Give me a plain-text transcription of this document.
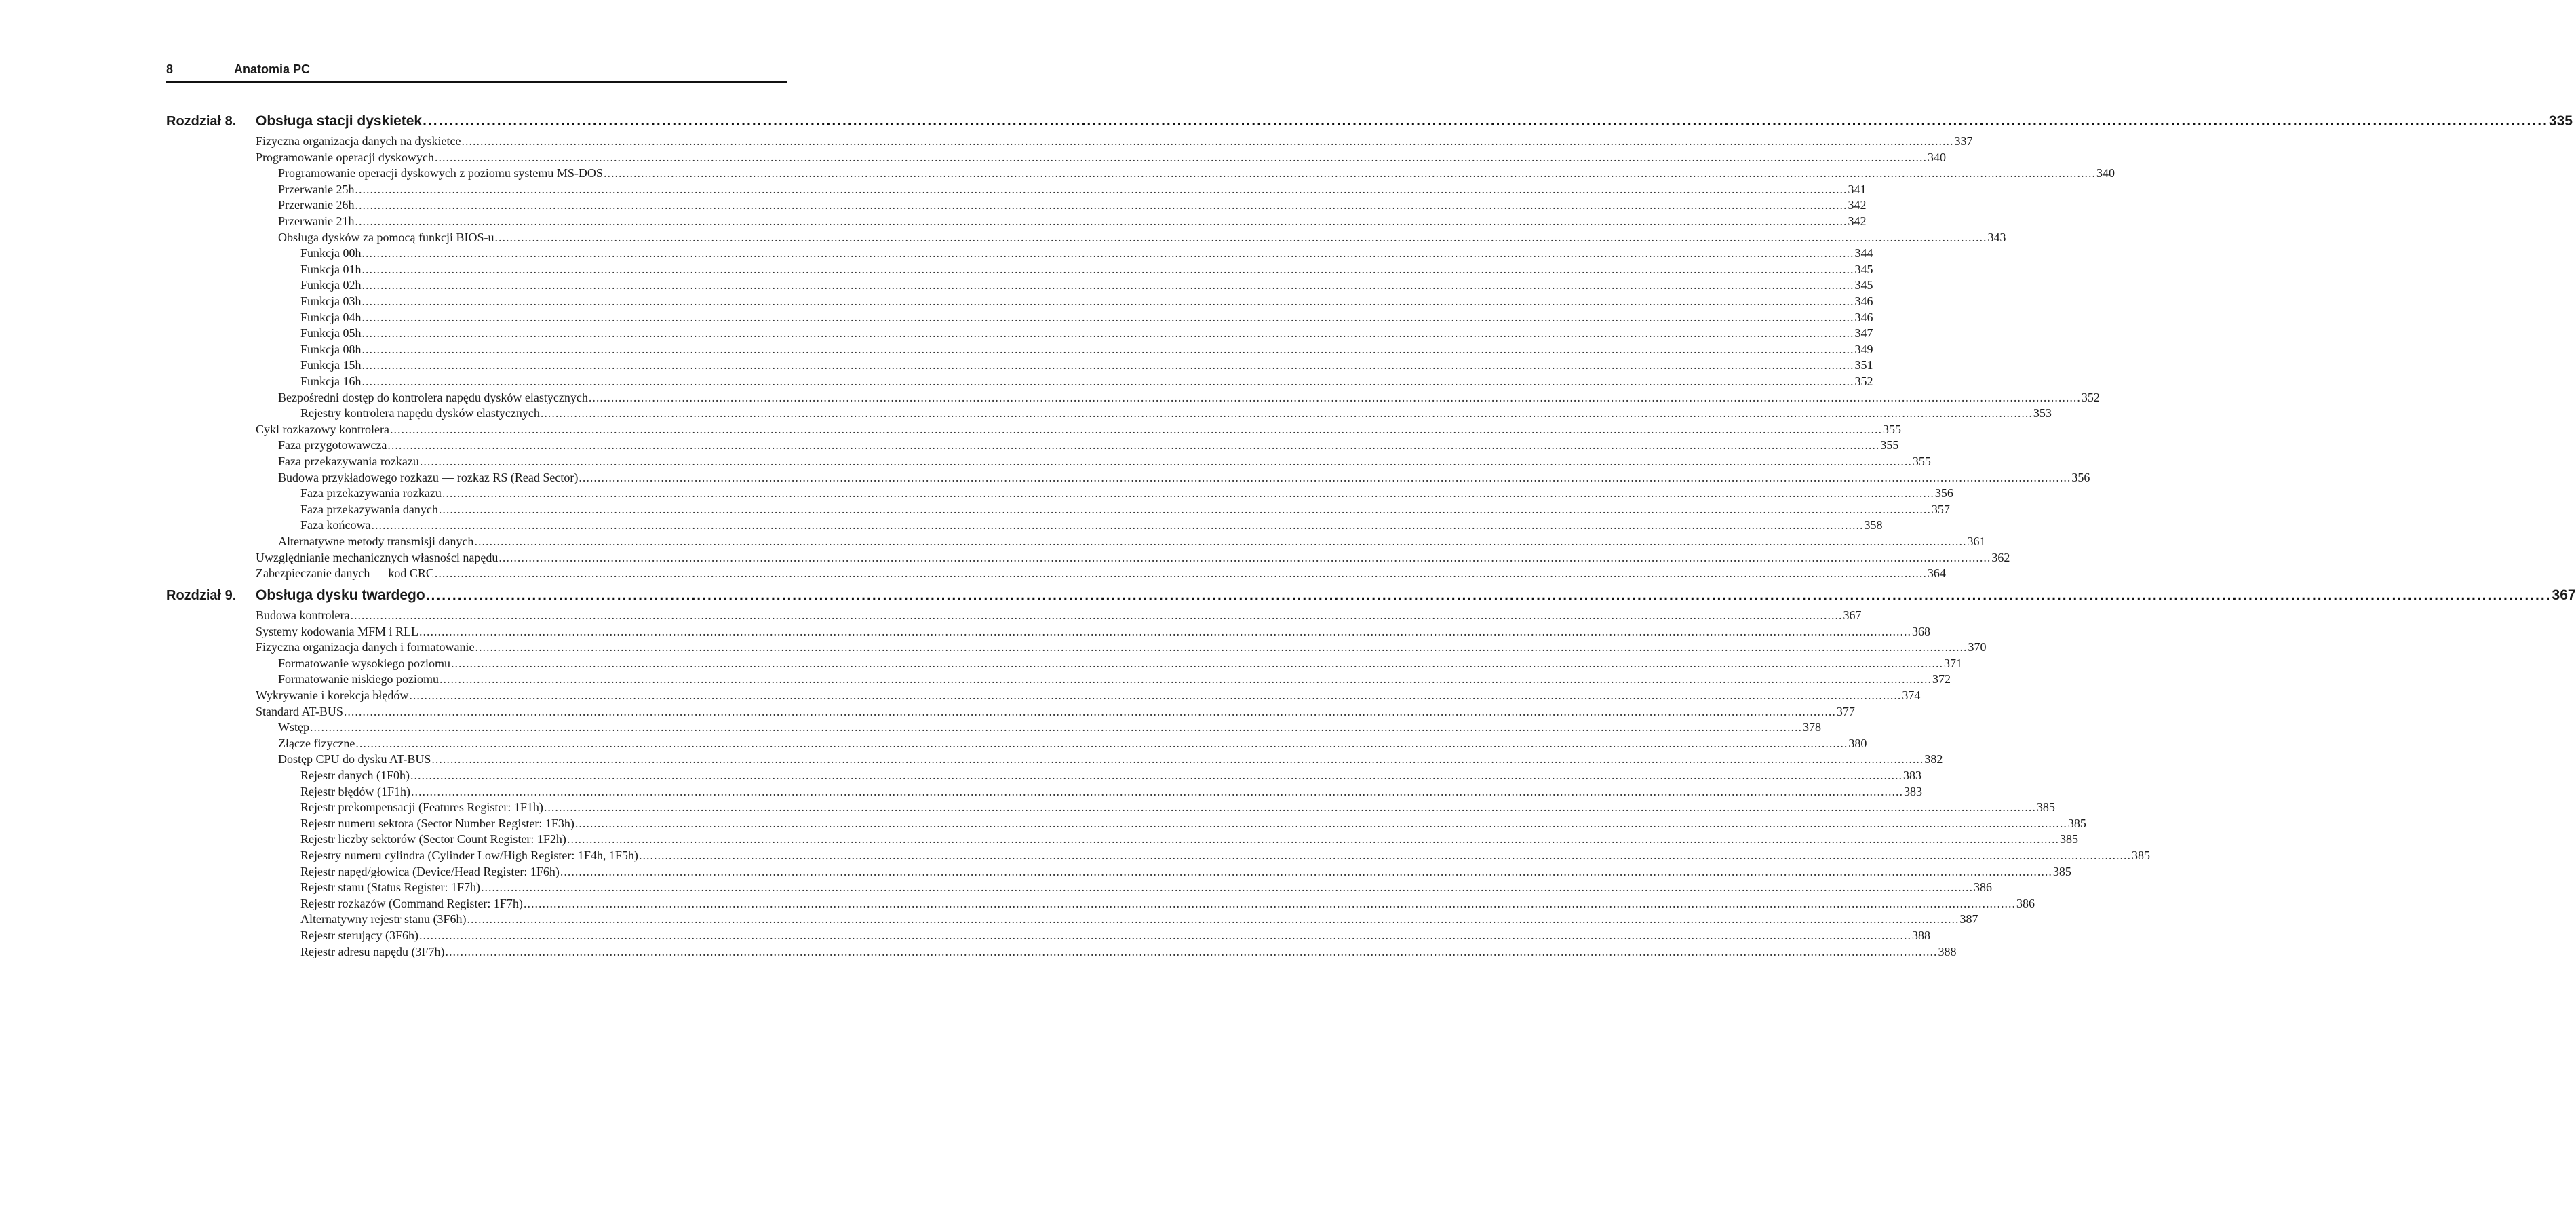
8	Anatomia PC
Rozdział 8. Obsługa stacji dyskietek ................................................................................................................................................................................................................................................................................................................................................................................................................ 335
Fizyczna organizacja danych na dyskietce ................................................................................................................................................................................................................................................................................................................................................................................................................ 337
Programowanie operacji dyskowych ................................................................................................................................................................................................................................................................................................................................................................................................................ 340
Programowanie operacji dyskowych z poziomu systemu MS-DOS ................................................................................................................................................................................................................................................................................................................................................................................................................ 340
Przerwanie 25h ................................................................................................................................................................................................................................................................................................................................................................................................................ 341
Przerwanie 26h ................................................................................................................................................................................................................................................................................................................................................................................................................ 342
Przerwanie 21h ................................................................................................................................................................................................................................................................................................................................................................................................................ 342
Obsługa dysków za pomocą funkcji BIOS-u ................................................................................................................................................................................................................................................................................................................................................................................................................ 343
Funkcja 00h ................................................................................................................................................................................................................................................................................................................................................................................................................ 344
Funkcja 01h ................................................................................................................................................................................................................................................................................................................................................................................................................ 345
Funkcja 02h ................................................................................................................................................................................................................................................................................................................................................................................................................ 345
Funkcja 03h ................................................................................................................................................................................................................................................................................................................................................................................................................ 346
Funkcja 04h ................................................................................................................................................................................................................................................................................................................................................................................................................ 346
Funkcja 05h ................................................................................................................................................................................................................................................................................................................................................................................................................ 347
Funkcja 08h ................................................................................................................................................................................................................................................................................................................................................................................................................ 349
Funkcja 15h ................................................................................................................................................................................................................................................................................................................................................................................................................ 351
Funkcja 16h ................................................................................................................................................................................................................................................................................................................................................................................................................ 352
Bezpośredni dostęp do kontrolera napędu dysków elastycznych ................................................................................................................................................................................................................................................................................................................................................................................................................ 352
Rejestry kontrolera napędu dysków elastycznych ................................................................................................................................................................................................................................................................................................................................................................................................................ 353
Cykl rozkazowy kontrolera ................................................................................................................................................................................................................................................................................................................................................................................................................ 355
Faza przygotowawcza ................................................................................................................................................................................................................................................................................................................................................................................................................ 355
Faza przekazywania rozkazu ................................................................................................................................................................................................................................................................................................................................................................................................................ 355
Budowa przykładowego rozkazu — rozkaz RS (Read Sector) ................................................................................................................................................................................................................................................................................................................................................................................................................ 356
Faza przekazywania rozkazu ................................................................................................................................................................................................................................................................................................................................................................................................................ 356
Faza przekazywania danych ................................................................................................................................................................................................................................................................................................................................................................................................................ 357
Faza końcowa ................................................................................................................................................................................................................................................................................................................................................................................................................ 358
Alternatywne metody transmisji danych ................................................................................................................................................................................................................................................................................................................................................................................................................ 361
Uwzględnianie mechanicznych własności napędu ................................................................................................................................................................................................................................................................................................................................................................................................................ 362
Zabezpieczanie danych — kod CRC ................................................................................................................................................................................................................................................................................................................................................................................................................ 364
Rozdział 9. Obsługa dysku twardego ................................................................................................................................................................................................................................................................................................................................................................................................................ 367
Budowa kontrolera ................................................................................................................................................................................................................................................................................................................................................................................................................ 367
Systemy kodowania MFM i RLL ................................................................................................................................................................................................................................................................................................................................................................................................................ 368
Fizyczna organizacja danych i formatowanie ................................................................................................................................................................................................................................................................................................................................................................................................................ 370
Formatowanie wysokiego poziomu ................................................................................................................................................................................................................................................................................................................................................................................................................ 371
Formatowanie niskiego poziomu ................................................................................................................................................................................................................................................................................................................................................................................................................ 372
Wykrywanie i korekcja błędów ................................................................................................................................................................................................................................................................................................................................................................................................................ 374
Standard AT-BUS ................................................................................................................................................................................................................................................................................................................................................................................................................ 377
Wstęp ................................................................................................................................................................................................................................................................................................................................................................................................................ 378
Złącze fizyczne ................................................................................................................................................................................................................................................................................................................................................................................................................ 380
Dostęp CPU do dysku AT-BUS ................................................................................................................................................................................................................................................................................................................................................................................................................ 382
Rejestr danych (1F0h) ................................................................................................................................................................................................................................................................................................................................................................................................................ 383
Rejestr błędów (1F1h) ................................................................................................................................................................................................................................................................................................................................................................................................................ 383
Rejestr prekompensacji (Features Register: 1F1h) ................................................................................................................................................................................................................................................................................................................................................................................................................ 385
Rejestr numeru sektora (Sector Number Register: 1F3h) ................................................................................................................................................................................................................................................................................................................................................................................................................ 385
Rejestr liczby sektorów (Sector Count Register: 1F2h) ................................................................................................................................................................................................................................................................................................................................................................................................................ 385
Rejestry numeru cylindra (Cylinder Low/High Register: 1F4h, 1F5h) ................................................................................................................................................................................................................................................................................................................................................................................................................ 385
Rejestr napęd/głowica (Device/Head Register: 1F6h) ................................................................................................................................................................................................................................................................................................................................................................................................................ 385
Rejestr stanu (Status Register: 1F7h) ................................................................................................................................................................................................................................................................................................................................................................................................................ 386
Rejestr rozkazów (Command Register: 1F7h) ................................................................................................................................................................................................................................................................................................................................................................................................................ 386
Alternatywny rejestr stanu (3F6h) ................................................................................................................................................................................................................................................................................................................................................................................................................ 387
Rejestr sterujący (3F6h) ................................................................................................................................................................................................................................................................................................................................................................................................................ 388
Rejestr adresu napędu (3F7h) ................................................................................................................................................................................................................................................................................................................................................................................................................ 388
